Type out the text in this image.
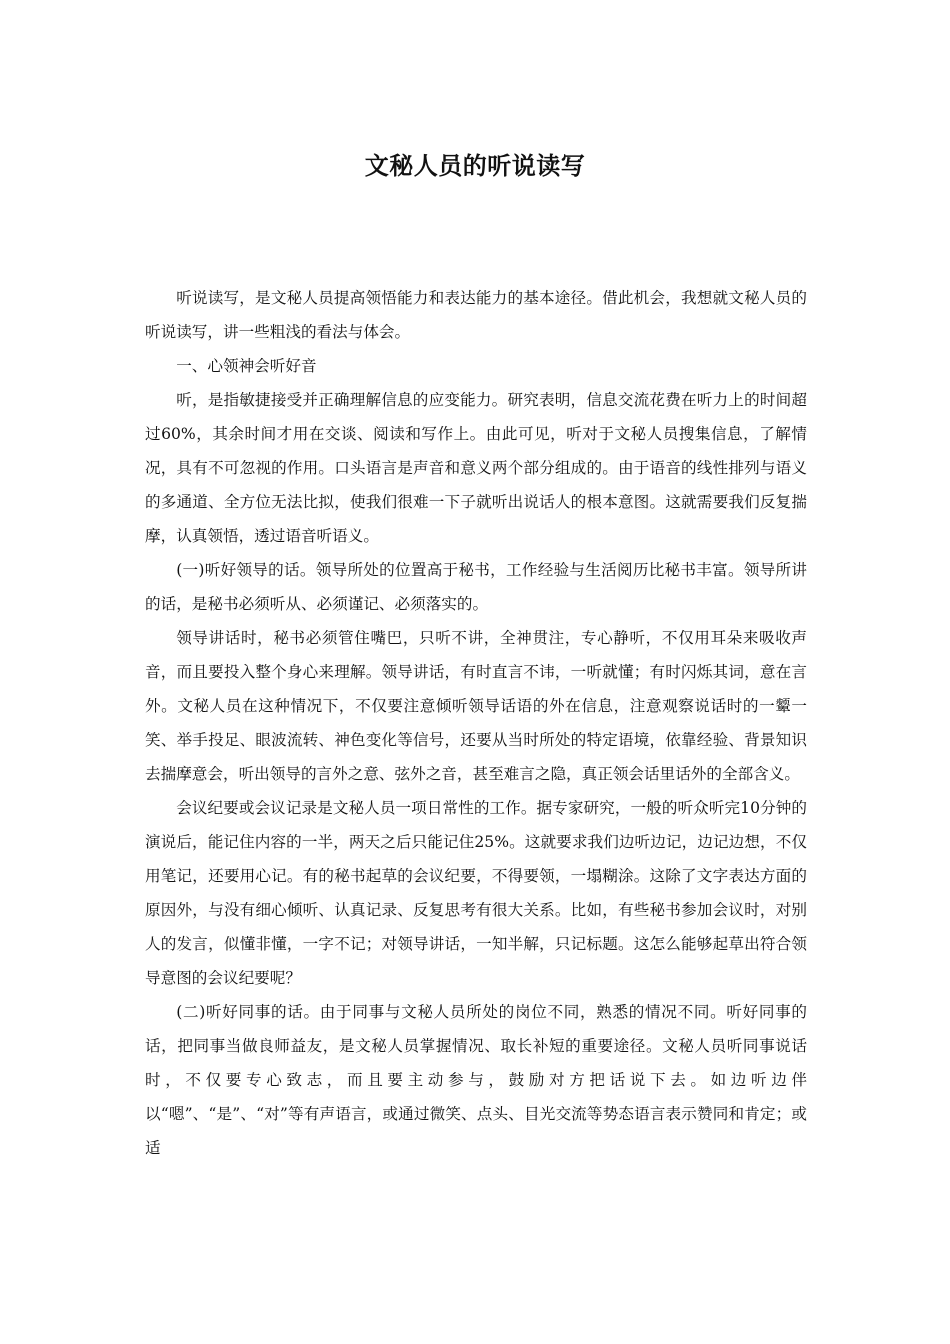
文秘人员的听说读写

听说读写，是文秘人员提高领悟能力和表达能力的基本途径。借此机会，我想就文秘人员的听说读写，讲一些粗浅的看法与体会。

一、心领神会听好音

听，是指敏捷接受并正确理解信息的应变能力。研究表明，信息交流花费在听力上的时间超过60%，其余时间才用在交谈、阅读和写作上。由此可见，听对于文秘人员搜集信息，了解情况，具有不可忽视的作用。口头语言是声音和意义两个部分组成的。由于语音的线性排列与语义的多通道、全方位无法比拟，使我们很难一下子就听出说话人的根本意图。这就需要我们反复揣摩，认真领悟，透过语音听语义。

(一)听好领导的话。领导所处的位置高于秘书，工作经验与生活阅历比秘书丰富。领导所讲的话，是秘书必须听从、必须谨记、必须落实的。

领导讲话时，秘书必须管住嘴巴，只听不讲，全神贯注，专心静听，不仅用耳朵来吸收声音，而且要投入整个身心来理解。领导讲话，有时直言不讳，一听就懂；有时闪烁其词，意在言外。文秘人员在这种情况下，不仅要注意倾听领导话语的外在信息，注意观察说话时的一颦一笑、举手投足、眼波流转、神色变化等信号，还要从当时所处的特定语境，依靠经验、背景知识去揣摩意会，听出领导的言外之意、弦外之音，甚至难言之隐，真正领会话里话外的全部含义。

会议纪要或会议记录是文秘人员一项日常性的工作。据专家研究，一般的听众听完10分钟的演说后，能记住内容的一半，两天之后只能记住25%。这就要求我们边听边记，边记边想，不仅用笔记，还要用心记。有的秘书起草的会议纪要，不得要领，一塌糊涂。这除了文字表达方面的原因外，与没有细心倾听、认真记录、反复思考有很大关系。比如，有些秘书参加会议时，对别人的发言，似懂非懂，一字不记；对领导讲话，一知半解，只记标题。这怎么能够起草出符合领导意图的会议纪要呢？

(二)听好同事的话。由于同事与文秘人员所处的岗位不同，熟悉的情况不同。听好同事的话，把同事当做良师益友，是文秘人员掌握情况、取长补短的重要途径。文秘人员听同事说话时，不仅要专心致志，而且要主动参与，鼓励对方把话说下去。如边听边伴以“嗯”、“是”、“对”等有声语言，或通过微笑、点头、目光交流等势态语言表示赞同和肯定；或适
